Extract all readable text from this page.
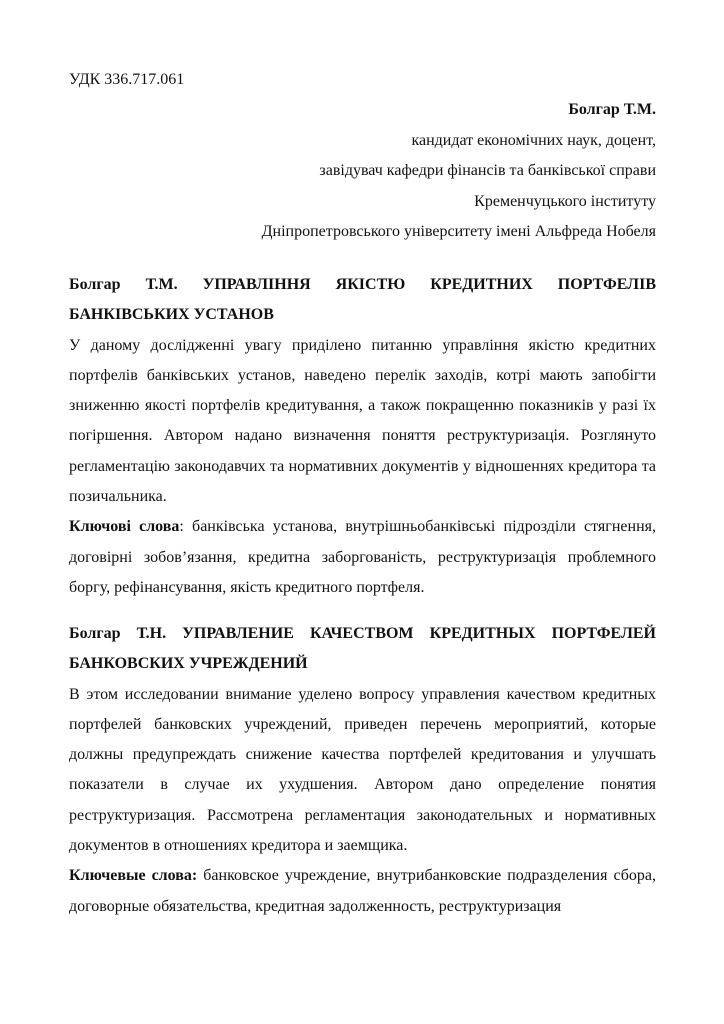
УДК 336.717.061
Болгар Т.М.
кандидат економічних наук, доцент,
завідувач кафедри фінансів та банківської справи
Кременчуцького інституту
Дніпропетровського університету імені Альфреда Нобеля
Болгар Т.М. УПРАВЛІННЯ ЯКІСТЮ КРЕДИТНИХ ПОРТФЕЛІВ
БАНКІВСЬКИХ УСТАНОВ

У даному дослідженні увагу приділено питанню управління якістю кредитних портфелів банківських установ, наведено перелік заходів, котрі мають запобігти зниженню якості портфелів кредитування, а також покращенню показників у разі їх погіршення. Автором надано визначення поняття реструктуризація. Розглянуто регламентацію законодавчих та нормативних документів у відношеннях кредитора та позичальника.

Ключові слова: банківська установа, внутрішньобанківські підрозділи стягнення, договірні зобов’язання, кредитна заборгованість, реструктуризація проблемного боргу, рефінансування, якість кредитного портфеля.

Болгар Т.Н. УПРАВЛЕНИЕ КАЧЕСТВОМ КРЕДИТНЫХ ПОРТФЕЛЕЙ
БАНКОВСКИХ УЧРЕЖДЕНИЙ

В этом исследовании внимание уделено вопросу управления качеством кредитных портфелей банковских учреждений, приведен перечень мероприятий, которые должны предупреждать снижение качества портфелей кредитования и улучшать показатели в случае их ухудшения. Автором дано определение понятия реструктуризация. Рассмотрена регламентация законодательных и нормативных документов в отношениях кредитора и заемщика.

Ключевые слова: банковское учреждение, внутрибанковские подразделения сбора, договорные обязательства, кредитная задолженность, реструктуризация
